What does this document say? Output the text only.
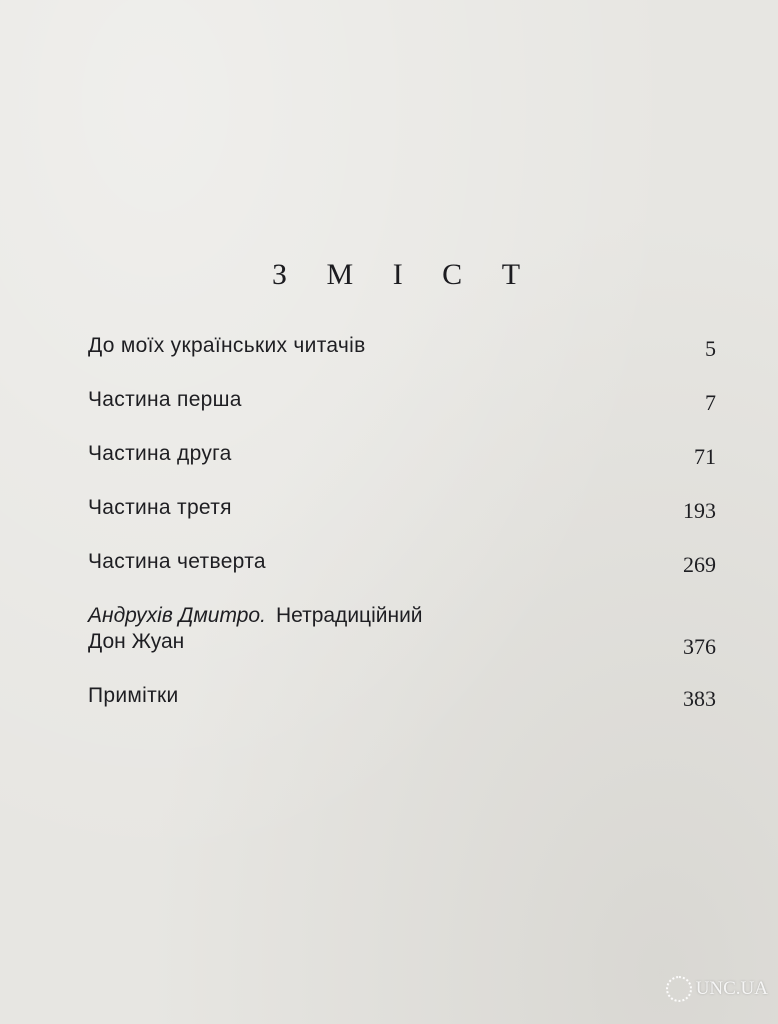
З М І С Т
До моїх українських читачів	5
Частина перша	7
Частина друга	71
Частина третя	193
Частина четверта	269
Андрухів Дмитро. Нетрадиційний
Дон Жуан	376
Примітки	383
UNC.UA
